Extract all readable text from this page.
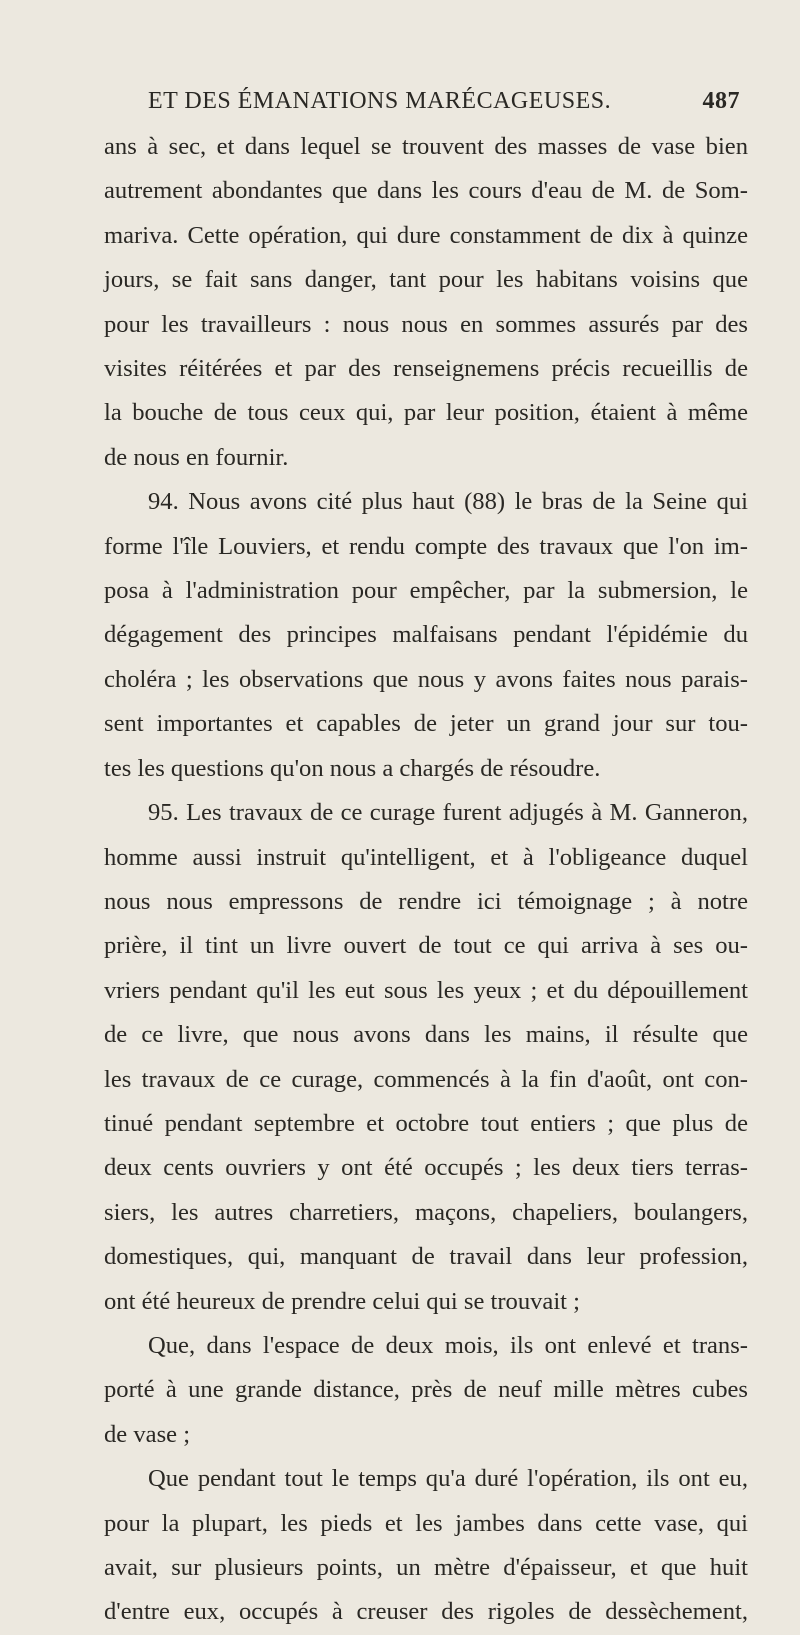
ET DES ÉMANATIONS MARÉCAGEUSES.	487
ans à sec, et dans lequel se trouvent des masses de vase bien
autrement abondantes que dans les cours d'eau de M. de Som-
mariva. Cette opération, qui dure constamment de dix à quinze
jours, se fait sans danger, tant pour les habitans voisins que
pour les travailleurs : nous nous en sommes assurés par des
visites réitérées et par des renseignemens précis recueillis de
la bouche de tous ceux qui, par leur position, étaient à même
de nous en fournir.
94. Nous avons cité plus haut (88) le bras de la Seine qui
forme l'île Louviers, et rendu compte des travaux que l'on im-
posa à l'administration pour empêcher, par la submersion, le
dégagement des principes malfaisans pendant l'épidémie du
choléra ; les observations que nous y avons faites nous parais-
sent importantes et capables de jeter un grand jour sur tou-
tes les questions qu'on nous a chargés de résoudre.
95. Les travaux de ce curage furent adjugés à M. Ganneron,
homme aussi instruit qu'intelligent, et à l'obligeance duquel
nous nous empressons de rendre ici témoignage ; à notre
prière, il tint un livre ouvert de tout ce qui arriva à ses ou-
vriers pendant qu'il les eut sous les yeux ; et du dépouillement
de ce livre, que nous avons dans les mains, il résulte que
les travaux de ce curage, commencés à la fin d'août, ont con-
tinué pendant septembre et octobre tout entiers ; que plus de
deux cents ouvriers y ont été occupés ; les deux tiers terras-
siers, les autres charretiers, maçons, chapeliers, boulangers,
domestiques, qui, manquant de travail dans leur profession,
ont été heureux de prendre celui qui se trouvait ;
Que, dans l'espace de deux mois, ils ont enlevé et trans-
porté à une grande distance, près de neuf mille mètres cubes
de vase ;
Que pendant tout le temps qu'a duré l'opération, ils ont eu,
pour la plupart, les pieds et les jambes dans cette vase, qui
avait, sur plusieurs points, un mètre d'épaisseur, et que huit
d'entre eux, occupés à creuser des rigoles de dessèchement,
